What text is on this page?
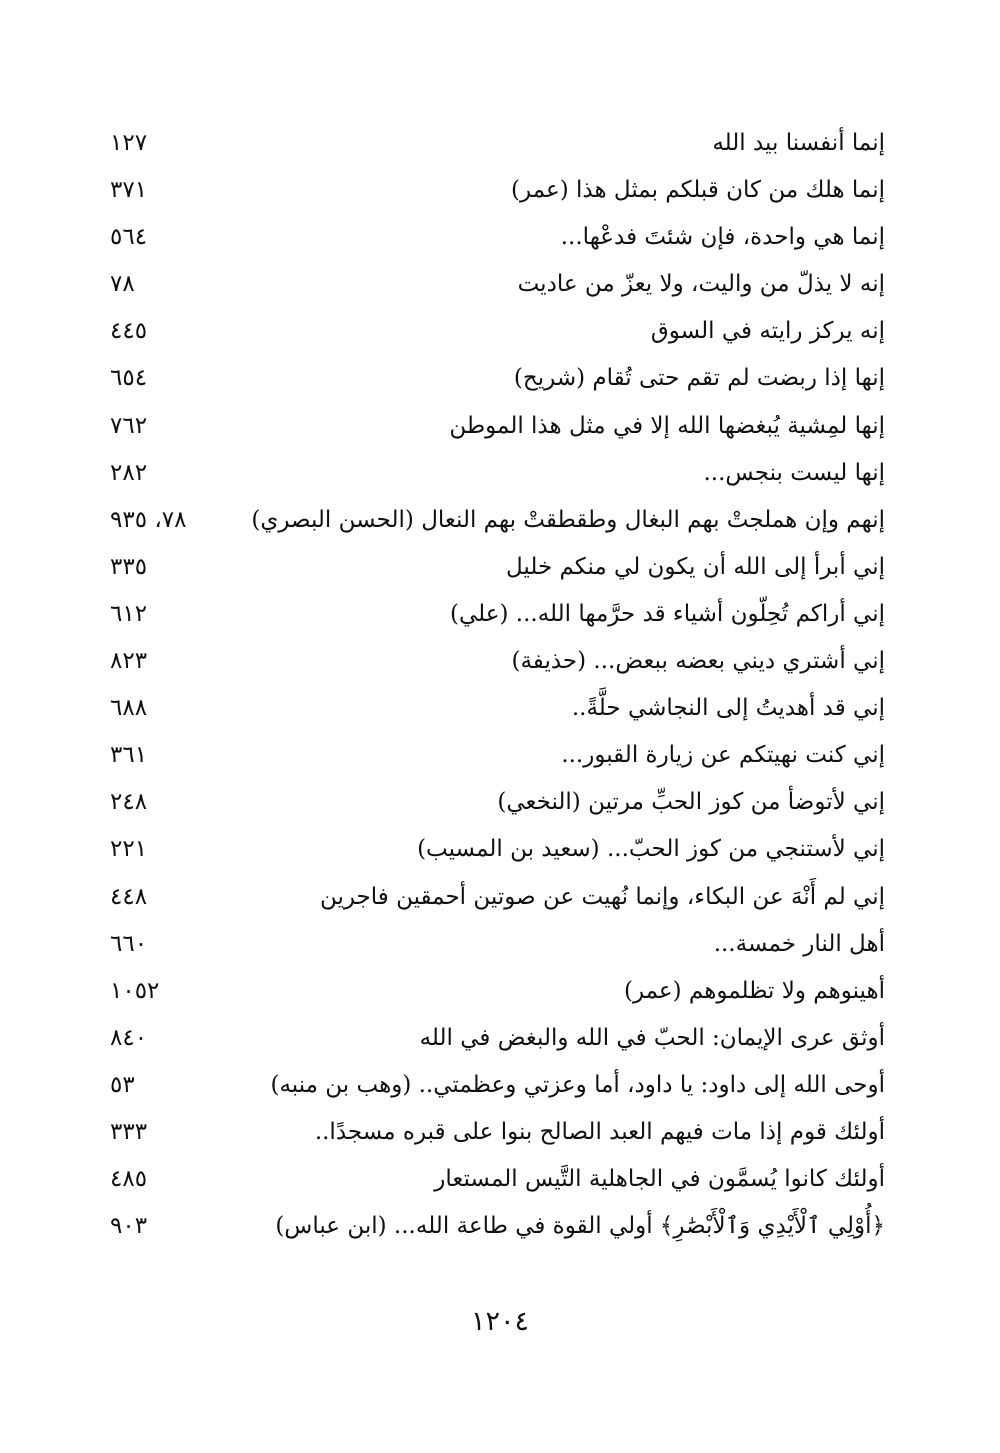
إنما أنفسنا بيد الله
١٢٧
إنما هلك من كان قبلكم بمثل هذا (عمر)
٣٧١
إنما هي واحدة، فإن شئتَ فدعْها...
٥٦٤
إنه لا يذلّ من واليت، ولا يعزّ من عاديت
٧٨
إنه يركز رايته في السوق
٤٤٥
إنها إذا ربضت لم تقم حتى تُقام (شريح)
٦٥٤
إنها لمِشية يُبغضها الله إلا في مثل هذا الموطن
٧٦٢
إنها ليست بنجس...
٢٨٢
إنهم وإن هملجتْ بهم البغال وطقطقتْ بهم النعال (الحسن البصري)
٧٨، ٩٣٥
إني أبرأ إلى الله أن يكون لي منكم خليل
٣٣٥
إني أراكم تُحِلّون أشياء قد حرَّمها الله... (علي)
٦١٢
إني أشتري ديني بعضه ببعض... (حذيفة)
٨٢٣
إني قد أهديتُ إلى النجاشي حلَّةً..
٦٨٨
إني كنت نهيتكم عن زيارة القبور...
٣٦١
إني لأتوضأ من كوز الحبِّ مرتين (النخعي)
٢٤٨
إني لأستنجي من كوز الحبّ... (سعيد بن المسيب)
٢٢١
إني لم أَنْهَ عن البكاء، وإنما نُهيت عن صوتين أحمقين فاجرين
٤٤٨
أهل النار خمسة...
٦٦٠
أهينوهم ولا تظلموهم (عمر)
١٠٥٢
أوثق عرى الإيمان: الحبّ في الله والبغض في الله
٨٤٠
أوحى الله إلى داود: يا داود، أما وعزتي وعظمتي.. (وهب بن منبه)
٥٣
أولئك قوم إذا مات فيهم العبد الصالح بنوا على قبره مسجدًا..
٣٣٣
أولئك كانوا يُسمَّون في الجاهلية التَّيس المستعار
٤٨٥
﴿أُوْلِي ٱلْأَيْدِي وَٱلْأَبْصَٰرِ﴾ أولي القوة في طاعة الله... (ابن عباس)
٩٠٣
١٢٠٤
